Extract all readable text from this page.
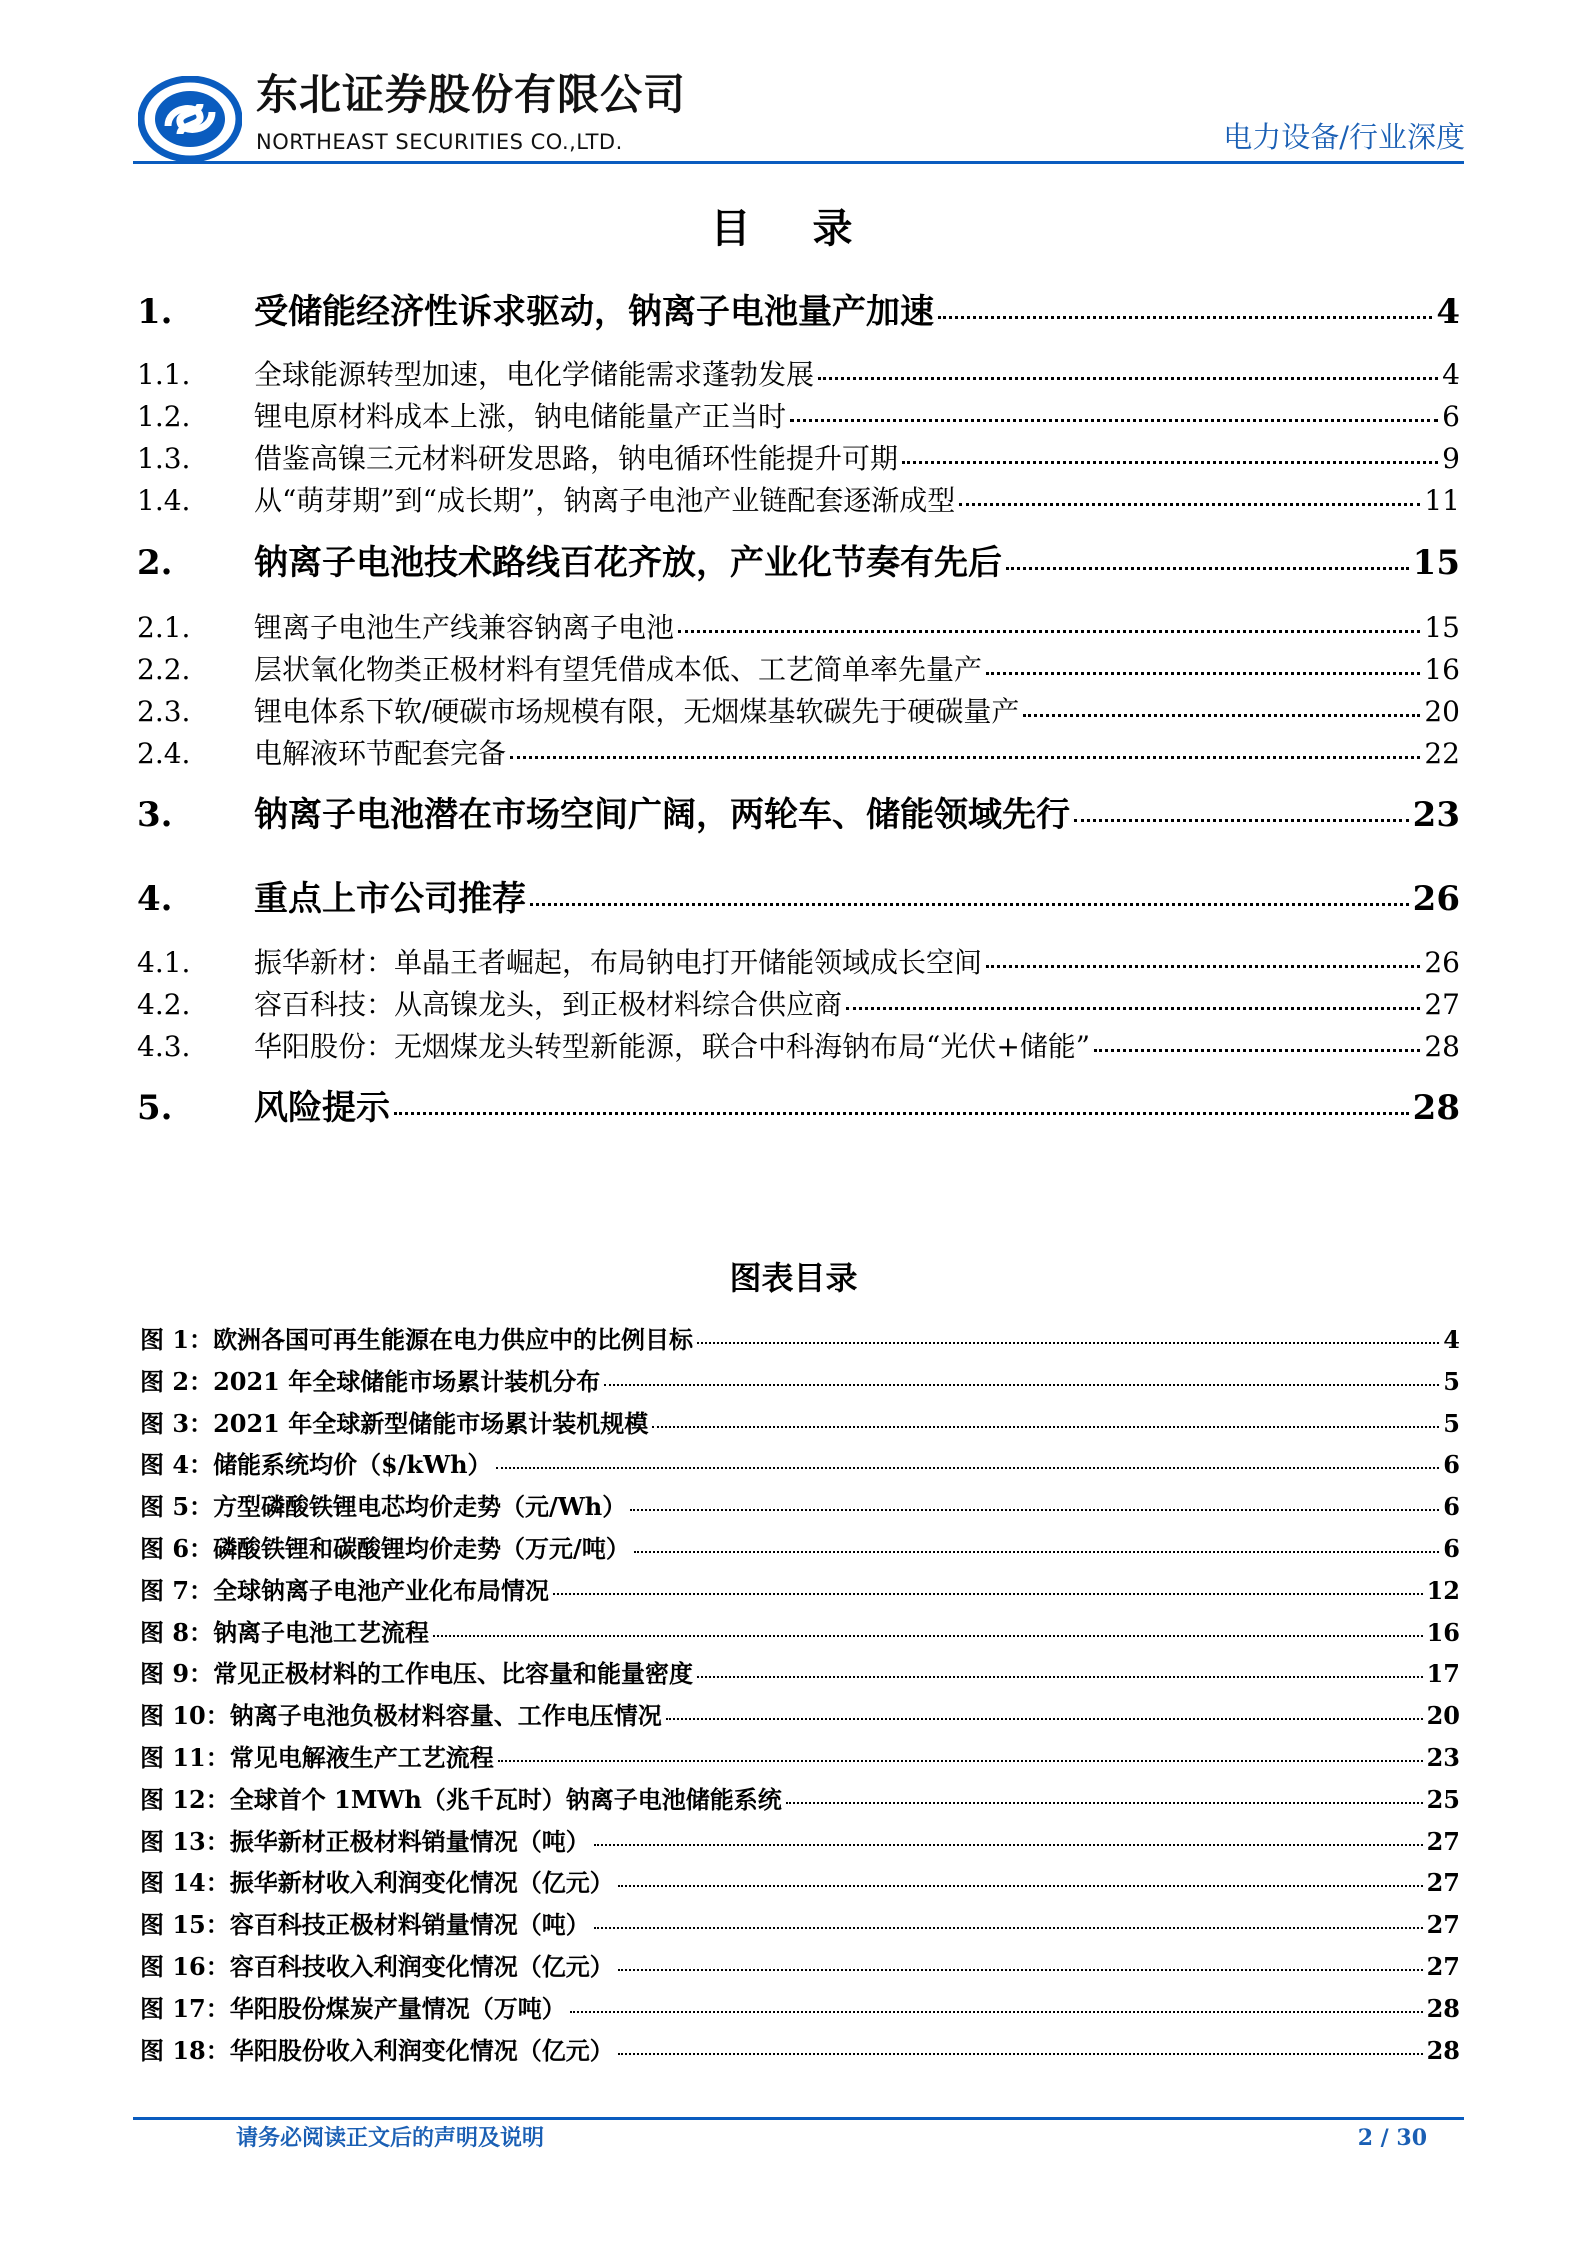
东北证券股份有限公司
NORTHEAST SECURITIES CO.,LTD.	电力设备/行业深度
目 录
1.	受储能经济性诉求驱动，钠离子电池量产加速	4
1.1.	全球能源转型加速，电化学储能需求蓬勃发展	4
1.2.	锂电原材料成本上涨，钠电储能量产正当时	6
1.3.	借鉴高镍三元材料研发思路，钠电循环性能提升可期	9
1.4.	从“萌芽期”到“成长期”，钠离子电池产业链配套逐渐成型	11
2.	钠离子电池技术路线百花齐放，产业化节奏有先后	15
2.1.	锂离子电池生产线兼容钠离子电池	15
2.2.	层状氧化物类正极材料有望凭借成本低、工艺简单率先量产	16
2.3.	锂电体系下软/硬碳市场规模有限，无烟煤基软碳先于硬碳量产	20
2.4.	电解液环节配套完备	22
3.	钠离子电池潜在市场空间广阔，两轮车、储能领域先行	23
4.	重点上市公司推荐	26
4.1.	振华新材：单晶王者崛起，布局钠电打开储能领域成长空间	26
4.2.	容百科技：从高镍龙头，到正极材料综合供应商	27
4.3.	华阳股份：无烟煤龙头转型新能源，联合中科海钠布局“光伏+储能”	28
5.	风险提示	28
图表目录
图 1： 欧洲各国可再生能源在电力供应中的比例目标	4
图 2： 2021 年全球储能市场累计装机分布	5
图 3： 2021 年全球新型储能市场累计装机规模	5
图 4： 储能系统均价（$/kWh）	6
图 5： 方型磷酸铁锂电芯均价走势（元/Wh）	6
图 6： 磷酸铁锂和碳酸锂均价走势（万元/吨）	6
图 7： 全球钠离子电池产业化布局情况	12
图 8： 钠离子电池工艺流程	16
图 9： 常见正极材料的工作电压、比容量和能量密度	17
图 10： 钠离子电池负极材料容量、工作电压情况	20
图 11： 常见电解液生产工艺流程	23
图 12： 全球首个 1MWh（兆千瓦时）钠离子电池储能系统	25
图 13： 振华新材正极材料销量情况（吨）	27
图 14： 振华新材收入利润变化情况（亿元）	27
图 15： 容百科技正极材料销量情况（吨）	27
图 16： 容百科技收入利润变化情况（亿元）	27
图 17： 华阳股份煤炭产量情况（万吨）	28
图 18： 华阳股份收入利润变化情况（亿元）	28
请务必阅读正文后的声明及说明	2 / 30
